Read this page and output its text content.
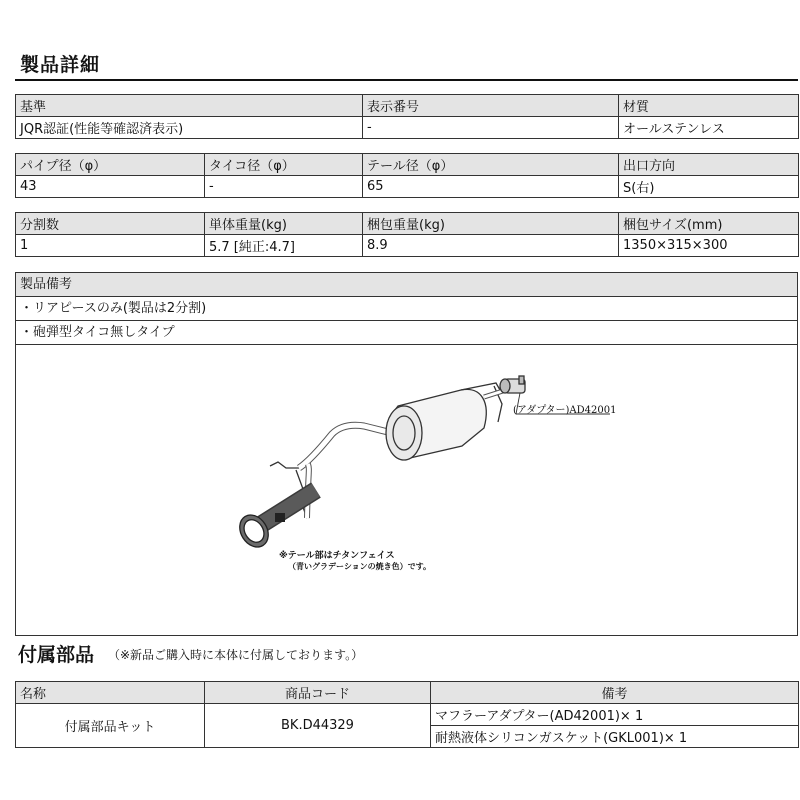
製品詳細
基準	表示番号	材質
JQR認証(性能等確認済表示)	-	オールステンレス
パイプ径（φ）	タイコ径（φ）	テール径（φ）	出口方向
43	-	65	S(右)
分割数	単体重量(kg)	梱包重量(kg)	梱包サイズ(mm)
1	5.7 [純正:4.7]	8.9	1350×315×300
製品備考
・リアピースのみ(製品は2分割)
・砲弾型タイコ無しタイプ
(アダプター)AD42001
※テール部はチタンフェイス
（青いグラデーションの焼き色）です。
付属部品 （※新品ご購入時に本体に付属しております。）
名称	商品コード	備考
付属部品キット	BK.D44329	マフラーアダプター(AD42001)× 1
		耐熱液体シリコンガスケット(GKL001)× 1
